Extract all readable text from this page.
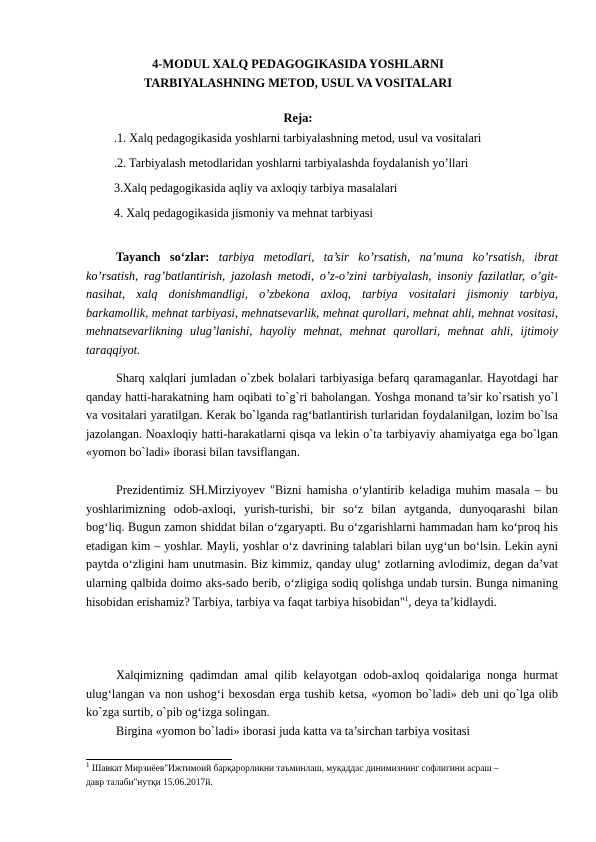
4-MODUL XALQ PEDAGOGIKASIDA YOSHLARNI
TARBIYALASHNING METOD, USUL VA VOSITALARI
Reja:
.1. Xalq pedagogikasida yoshlarni tarbiyalashning metod, usul va vositalari
.2. Tarbiyalash metodlaridan yoshlarni tarbiyalashda foydalanish yo’llari
3.Xalq pedagogikasida aqliy va axloqiy tarbiya masalalari
4. Xalq pedagogikasida jismoniy va mehnat tarbiyasi

Tayanch so‘zlar: tarbiya metodlari, ta’sir ko’rsatish, na’muna ko’rsatish, ibrat ko’rsatish, rag’batlantirish, jazolash metodi, o’z-o’zini tarbiyalash, insoniy fazilatlar, o’git-nasihat, xalq donishmandligi, o’zbekona axloq, tarbiya vositalari jismoniy tarbiya, barkamollik, mehnat tarbiyasi, mehnatsevarlik, mehnat qurollari, mehnat ahli, mehnat vositasi, mehnatsevarlikning ulug’lanishi, hayoliy mehnat, mehnat qurollari, mehnat ahli, ijtimoiy taraqqiyot.

Sharq xalqlari jumladan o`zbek bolalari tarbiyasiga befarq qaramaganlar. Hayotdagi har qanday hatti-harakatning ham oqibati to`g`ri baholangan. Yoshga monand ta’sir ko`rsatish yo`l va vositalari yaratilgan. Kerak bo`lganda rag‘batlantirish turlaridan foydalanilgan, lozim bo`lsa jazolangan. Noaxloqiy hatti-harakatlarni qisqa va lekin o`ta tarbiyaviy ahamiyatga ega bo`lgan «yomon bo`ladi» iborasi bilan tavsiflangan.

Prezidentimiz SH.Mirziyoyev "Bizni hamisha o‘ylantirib keladiga muhim masala – bu yoshlarimizning odob-axloqi, yurish-turishi, bir so‘z bilan aytganda, dunyoqarashi bilan bog‘liq. Bugun zamon shiddat bilan o‘zgaryapti. Bu o‘zgarishlarni hammadan ham ko‘proq his etadigan kim – yoshlar. Mayli, yoshlar o‘z davrining talablari bilan uyg‘un bo‘lsin. Lekin ayni paytda o‘zligini ham unutmasin. Biz kimmiz, qanday ulug‘ zotlarning avlodimiz, degan da’vat ularning qalbida doimo aks-sado berib, o‘zligiga sodiq qolishga undab tursin. Bunga nimaning hisobidan erishamiz? Tarbiya, tarbiya va faqat tarbiya hisobidan"$^1$, deya ta’kidlaydi.

Xalqimizning qadimdan amal qilib kelayotgan odob-axloq qoidalariga nonga hurmat ulug‘langan va non ushog‘i bexosdan erga tushib ketsa, «yomon bo`ladi» deb uni qo`lga olib ko`zga surtib, o`pib og‘izga solingan.

Birgina «yomon bo`ladi» iborasi juda katta va ta’sirchan tarbiya vositasi

$^1$ Шавкат Мирзиёев"Ижтимоий барқарорликни таъминлаш, муқаддас динимизнинг софлигини асраш – давр талаби"нутқи 15.06.2017й.
